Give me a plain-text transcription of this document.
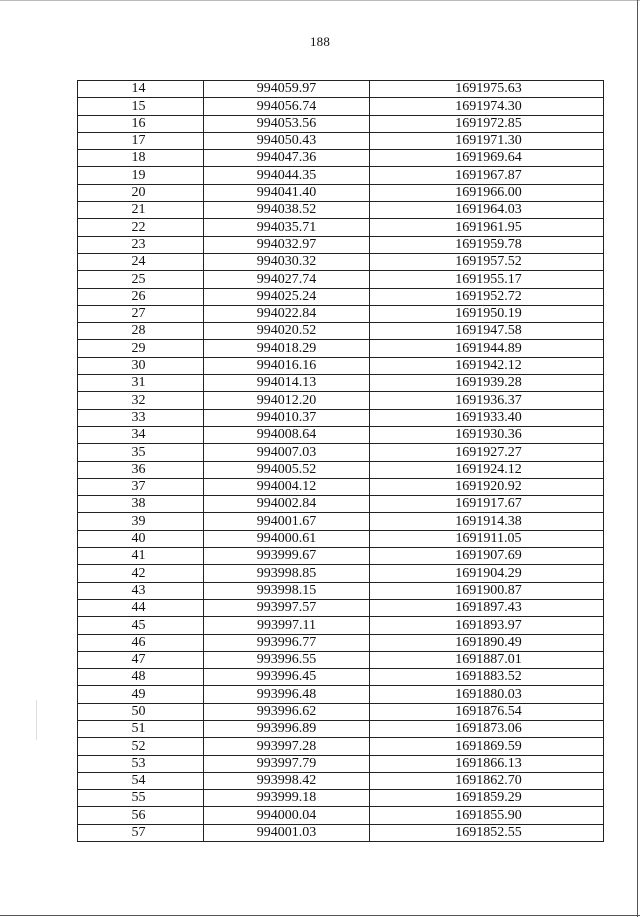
188
14	994059.97	1691975.63
15	994056.74	1691974.30
16	994053.56	1691972.85
17	994050.43	1691971.30
18	994047.36	1691969.64
19	994044.35	1691967.87
20	994041.40	1691966.00
21	994038.52	1691964.03
22	994035.71	1691961.95
23	994032.97	1691959.78
24	994030.32	1691957.52
25	994027.74	1691955.17
26	994025.24	1691952.72
27	994022.84	1691950.19
28	994020.52	1691947.58
29	994018.29	1691944.89
30	994016.16	1691942.12
31	994014.13	1691939.28
32	994012.20	1691936.37
33	994010.37	1691933.40
34	994008.64	1691930.36
35	994007.03	1691927.27
36	994005.52	1691924.12
37	994004.12	1691920.92
38	994002.84	1691917.67
39	994001.67	1691914.38
40	994000.61	1691911.05
41	993999.67	1691907.69
42	993998.85	1691904.29
43	993998.15	1691900.87
44	993997.57	1691897.43
45	993997.11	1691893.97
46	993996.77	1691890.49
47	993996.55	1691887.01
48	993996.45	1691883.52
49	993996.48	1691880.03
50	993996.62	1691876.54
51	993996.89	1691873.06
52	993997.28	1691869.59
53	993997.79	1691866.13
54	993998.42	1691862.70
55	993999.18	1691859.29
56	994000.04	1691855.90
57	994001.03	1691852.55
